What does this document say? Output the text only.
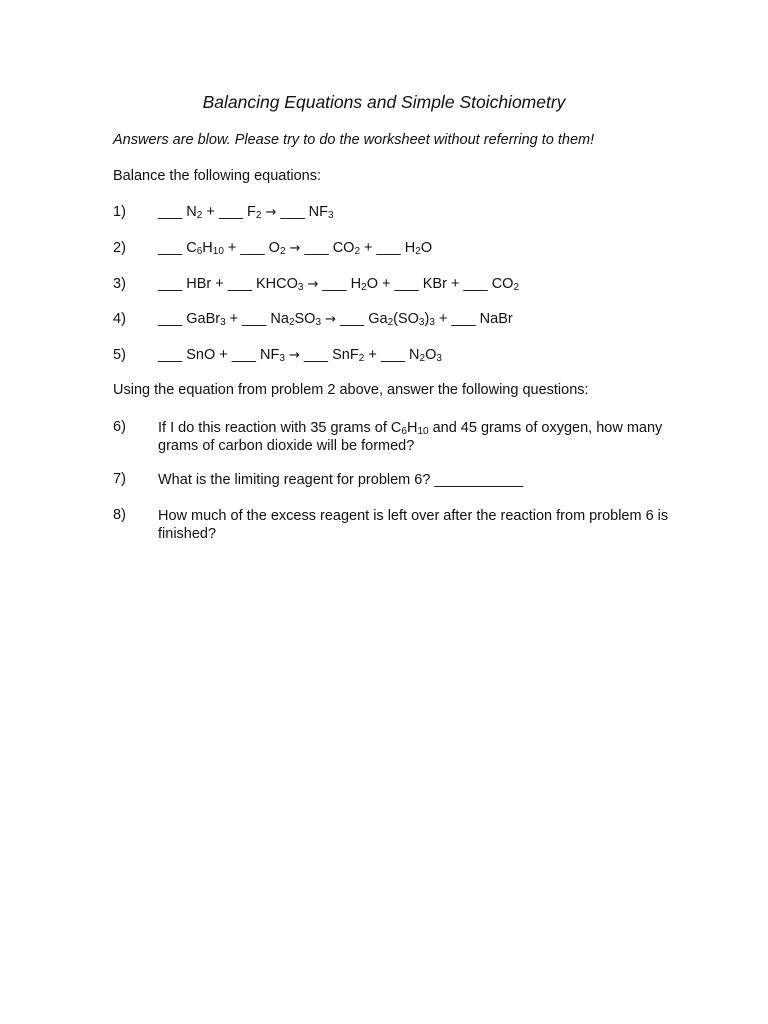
Balancing Equations and Simple Stoichiometry
Answers are blow. Please try to do the worksheet without referring to them!
Balance the following equations:
1) ___ $N_2$ + ___ $F_2$ → ___ $NF_3$
2) ___ $C_6H_{10}$ + ___ $O_2$ → ___ $CO_2$ + ___ $H_2O$
3) ___ HBr + ___ $KHCO_3$ → ___ $H_2O$ + ___ KBr + ___ $CO_2$
4) ___ GaBr$_3$ + ___ $Na_2SO_3$ → ___ $Ga_2(SO_3)_3$ + ___ NaBr
5) ___ SnO + ___ $NF_3$ → ___ SnF$_2$ + ___ $N_2O_3$
Using the equation from problem 2 above, answer the following questions:
6) If I do this reaction with 35 grams of $C_6H_{10}$ and 45 grams of oxygen, how many grams of carbon dioxide will be formed?
7) What is the limiting reagent for problem 6? ___________
8) How much of the excess reagent is left over after the reaction from problem 6 is finished?
